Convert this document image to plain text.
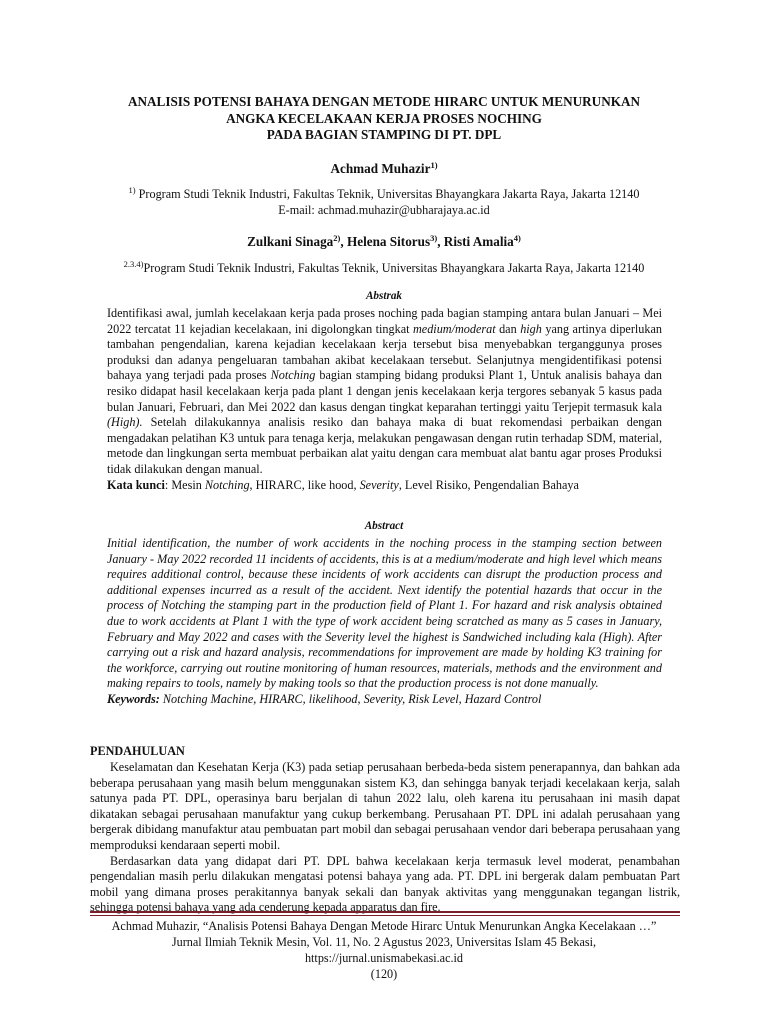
ANALISIS POTENSI BAHAYA DENGAN METODE HIRARC UNTUK MENURUNKAN
ANGKA KECELAKAAN KERJA PROSES NOCHING
PADA BAGIAN STAMPING DI PT. DPL
Achmad Muhazir$^{1)}$
$^{1)}$ Program Studi Teknik Industri, Fakultas Teknik, Universitas Bhayangkara Jakarta Raya, Jakarta 12140
E-mail: achmad.muhazir@ubharajaya.ac.id
Zulkani Sinaga$^{2)}$, Helena Sitorus$^{3)}$, Risti Amalia$^{4)}$
$^{2.3.4)}$Program Studi Teknik Industri, Fakultas Teknik, Universitas Bhayangkara Jakarta Raya, Jakarta 12140
Abstrak
Identifikasi awal, jumlah kecelakaan kerja pada proses noching pada bagian stamping antara bulan Januari – Mei 2022 tercatat 11 kejadian kecelakaan, ini digolongkan tingkat medium/moderat dan high yang artinya diperlukan tambahan pengendalian, karena kejadian kecelakaan kerja tersebut bisa menyebabkan terganggunya proses produksi dan adanya pengeluaran tambahan akibat kecelakaan tersebut. Selanjutnya mengidentifikasi potensi bahaya yang terjadi pada proses Notching bagian stamping bidang produksi Plant 1, Untuk analisis bahaya dan resiko didapat hasil kecelakaan kerja pada plant 1 dengan jenis kecelakaan kerja tergores sebanyak 5 kasus pada bulan Januari, Februari, dan Mei 2022 dan kasus dengan tingkat keparahan tertinggi yaitu Terjepit termasuk kala (High). Setelah dilakukannya analisis resiko dan bahaya maka di buat rekomendasi perbaikan dengan mengadakan pelatihan K3 untuk para tenaga kerja, melakukan pengawasan dengan rutin terhadap SDM, material, metode dan lingkungan serta membuat perbaikan alat yaitu dengan cara membuat alat bantu agar proses Produksi tidak dilakukan dengan manual.
Kata kunci: Mesin Notching, HIRARC, like hood, Severity, Level Risiko, Pengendalian Bahaya
Abstract
Initial identification, the number of work accidents in the noching process in the stamping section between January - May 2022 recorded 11 incidents of accidents, this is at a medium/moderate and high level which means requires additional control, because these incidents of work accidents can disrupt the production process and additional expenses incurred as a result of the accident. Next identify the potential hazards that occur in the process of Notching the stamping part in the production field of Plant 1. For hazard and risk analysis obtained due to work accidents at Plant 1 with the type of work accident being scratched as many as 5 cases in January, February and May 2022 and cases with the Severity level the highest is Sandwiched including kala (High). After carrying out a risk and hazard analysis, recommendations for improvement are made by holding K3 training for the workforce, carrying out routine monitoring of human resources, materials, methods and the environment and making repairs to tools, namely by making tools so that the production process is not done manually.
Keywords: Notching Machine, HIRARC, likelihood, Severity, Risk Level, Hazard Control
PENDAHULUAN

Keselamatan dan Kesehatan Kerja (K3) pada setiap perusahaan berbeda-beda sistem penerapannya, dan bahkan ada beberapa perusahaan yang masih belum menggunakan sistem K3, dan sehingga banyak terjadi kecelakaan kerja, salah satunya pada PT. DPL, operasinya baru berjalan di tahun 2022 lalu, oleh karena itu perusahaan ini masih dapat dikatakan sebagai perusahaan manufaktur yang cukup berkembang. Perusahaan PT. DPL ini adalah perusahaan yang bergerak dibidang manufaktur atau pembuatan part mobil dan sebagai perusahaan vendor dari beberapa perusahaan yang memproduksi kendaraan seperti mobil.

Berdasarkan data yang didapat dari PT. DPL bahwa kecelakaan kerja termasuk level moderat, penambahan pengendalian masih perlu dilakukan mengatasi potensi bahaya yang ada. PT. DPL ini bergerak dalam pembuatan Part mobil yang dimana proses perakitannya banyak sekali dan banyak aktivitas yang menggunakan tegangan listrik, sehingga potensi bahaya yang ada cenderung kepada apparatus dan fire.

Achmad Muhazir, “Analisis Potensi Bahaya Dengan Metode Hirarc Untuk Menurunkan Angka Kecelakaan …”
Jurnal Ilmiah Teknik Mesin, Vol. 11, No. 2 Agustus 2023, Universitas Islam 45 Bekasi,
https://jurnal.unismabekasi.ac.id
(120)
